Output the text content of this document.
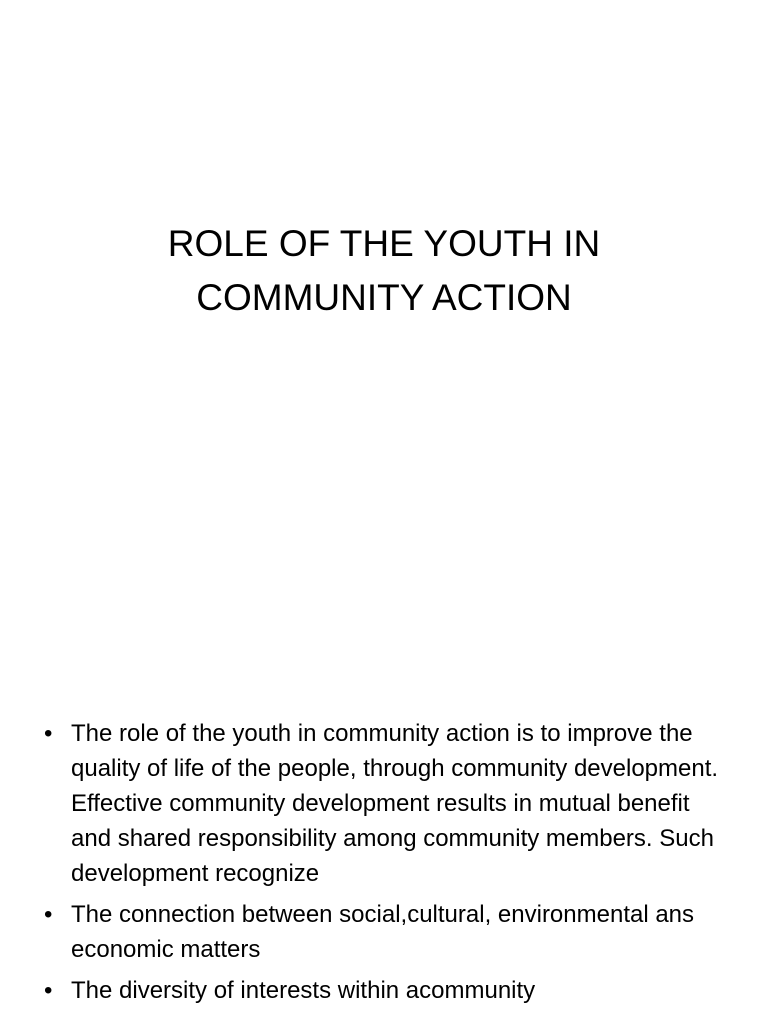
ROLE OF THE YOUTH IN
COMMUNITY ACTION
• The role of the youth in community action is to improve the quality of life of the people, through community development. Effective community development results in mutual benefit and shared responsibility among community members. Such development recognize
• The connection between social,cultural, environmental ans economic matters
• The diversity of interests within acommunity
